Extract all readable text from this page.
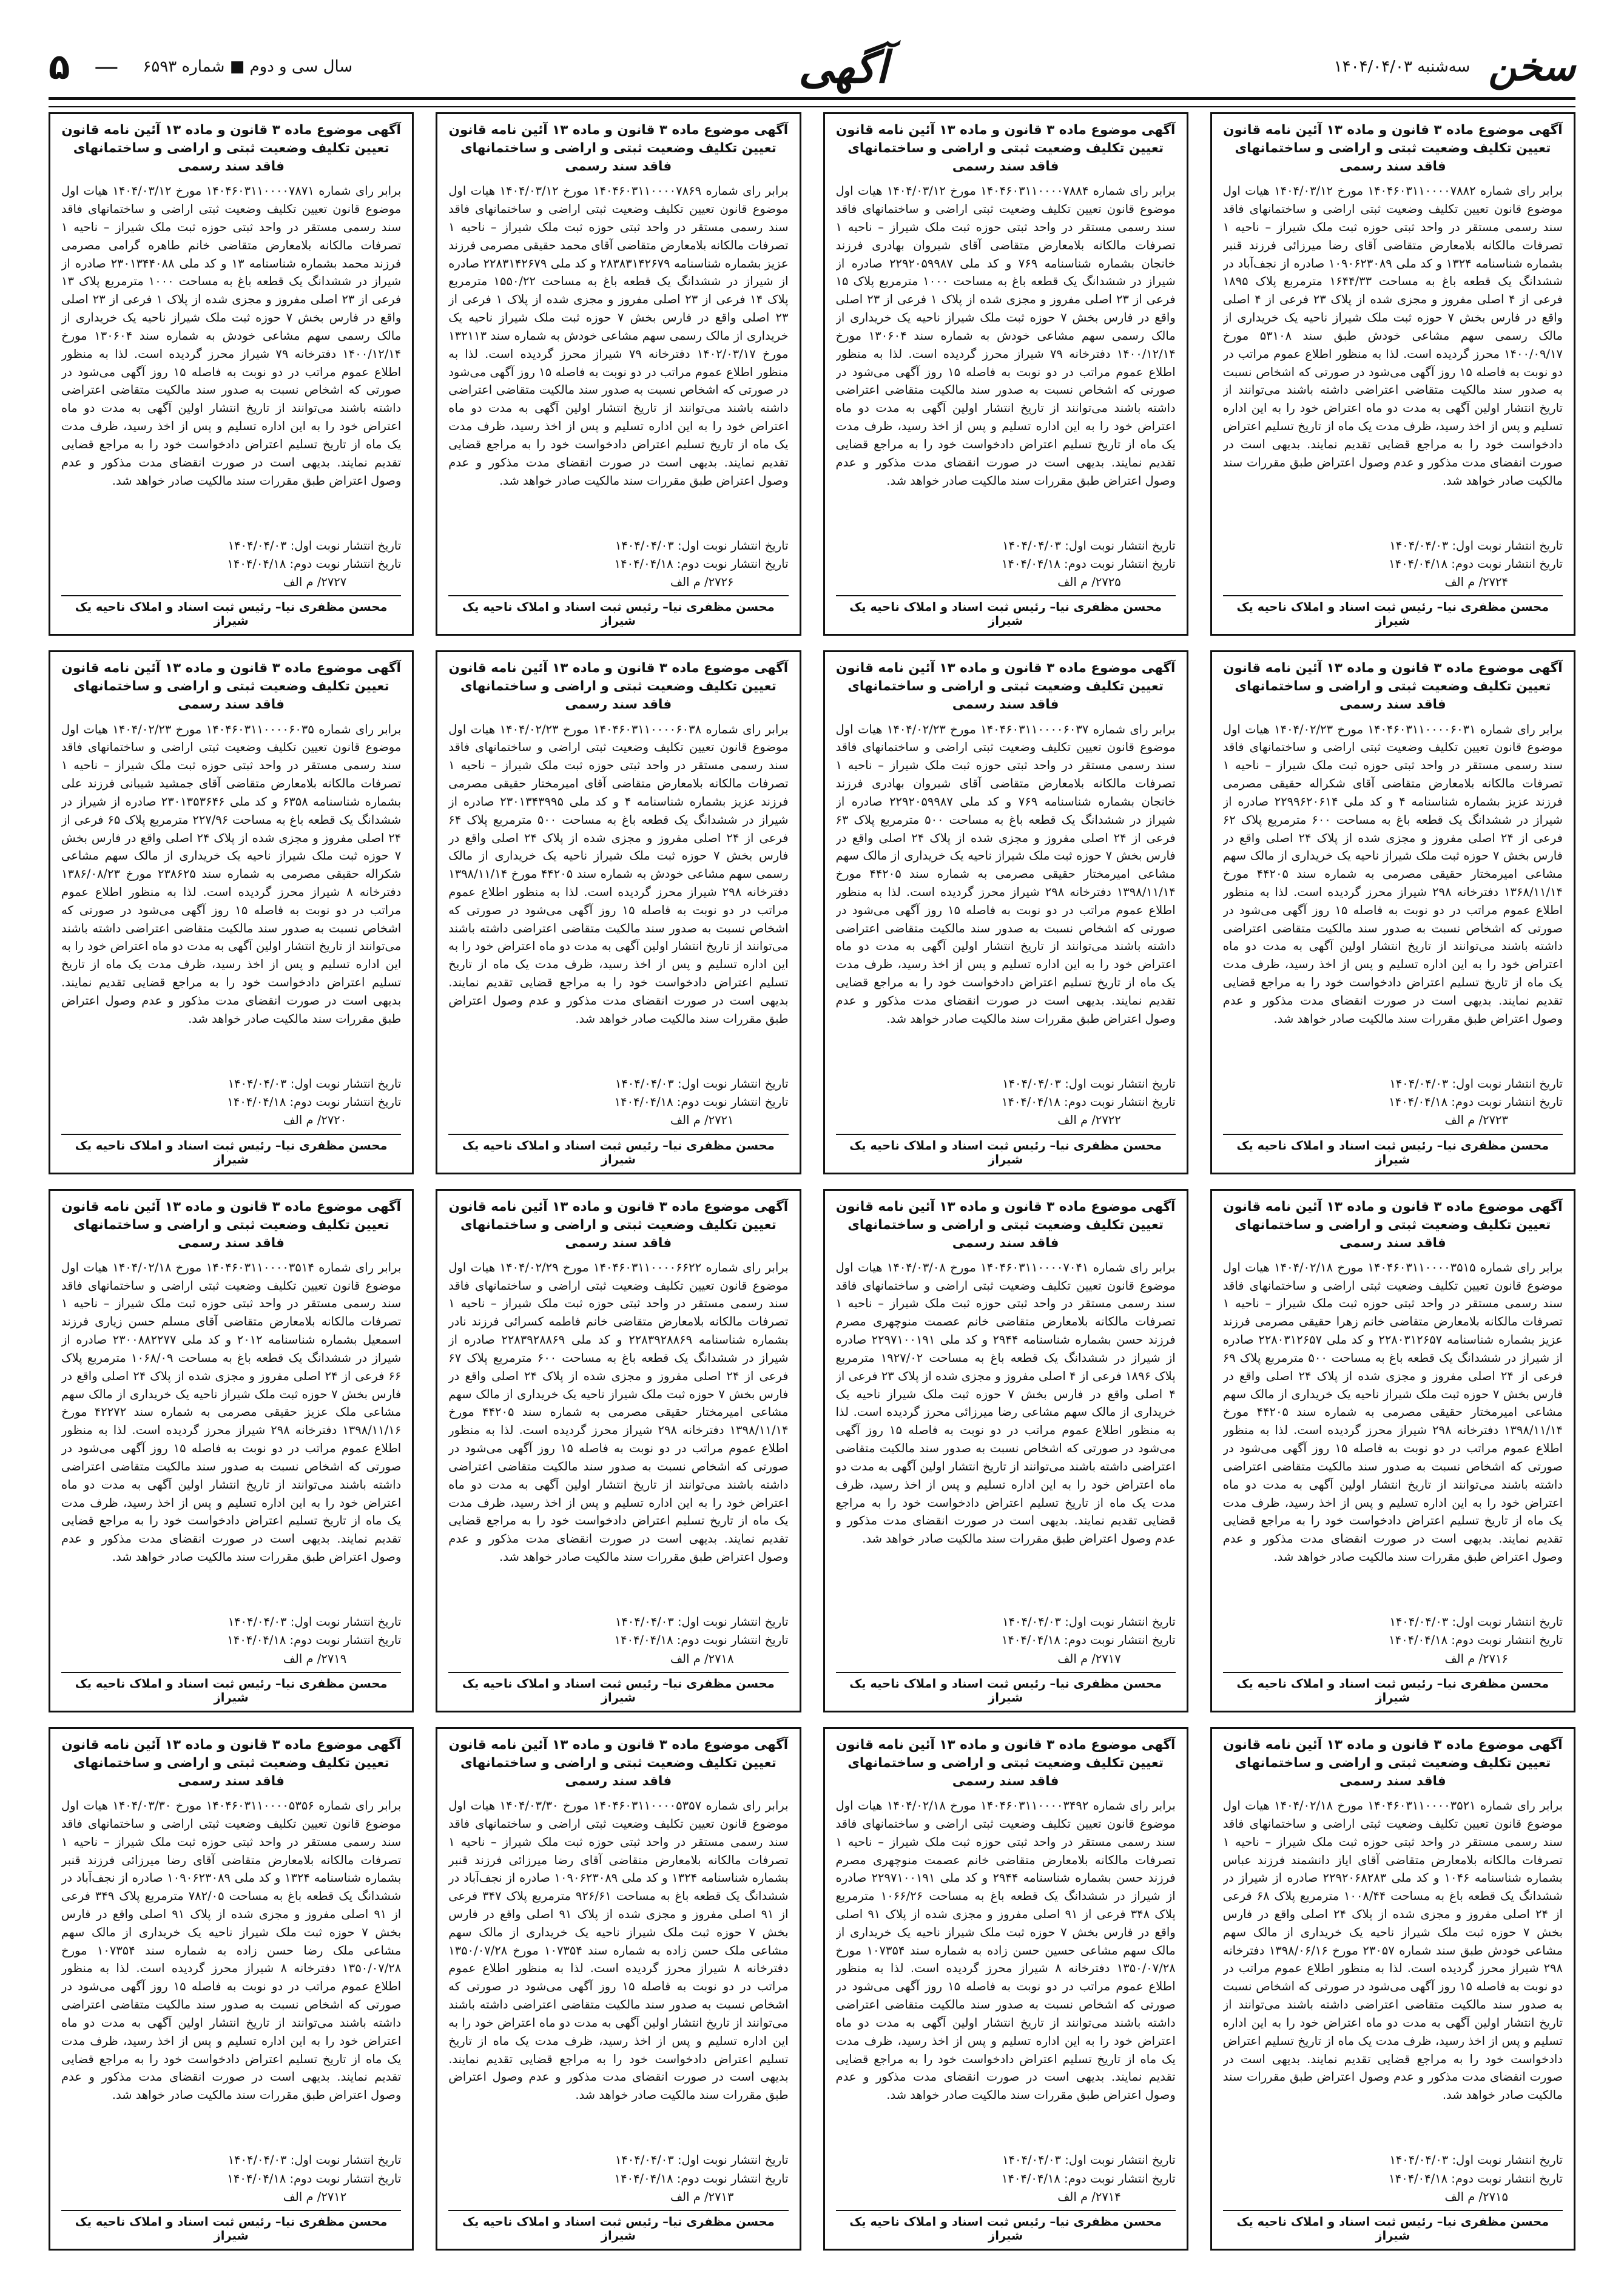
۵ — سال سی و دوم ■ شماره ۶۵۹۳	آگهی	سخن
سه‌شنبه ۱۴۰۴/۰۴/۰۳
آگهی موضوع ماده ۳ قانون و ماده ۱۳ آئین نامه قانون تعیین تکلیف وضعیت ثبتی و اراضی و ساختمانهای فاقد سند رسمی
برابر رای شماره ۱۴۰۴۶۰۳۱۱۰۰۰۰۷۸۸۲ مورخ ۱۴۰۴/۰۳/۱۲ هیات اول موضوع قانون تعیین تکلیف وضعیت ثبتی اراضی و ساختمانهای فاقد سند رسمی مستقر در واحد ثبتی حوزه ثبت ملک شیراز – ناحیه ۱ تصرفات مالکانه بلامعارض متقاضی آقای رضا میرزائی فرزند قنبر بشماره شناسنامه ۱۳۲۴ و کد ملی ۱۰۹۰۶۲۳۰۸۹ صادره از نجف‌آباد در ششدانگ یک قطعه باغ به مساحت ۱۶۴۴/۳۳ مترمربع پلاک ۱۸۹۵ فرعی از ۴ اصلی مفروز و مجزی شده از پلاک ۲۳ فرعی از ۴ اصلی واقع در فارس بخش ۷ حوزه ثبت ملک شیراز ناحیه یک خریداری از مالک رسمی سهم مشاعی خودش طبق سند ۵۳۱۰۸ مورخ ۱۴۰۰/۰۹/۱۷ محرز گردیده است. لذا به منظور اطلاع عموم مراتب در دو نوبت به فاصله ۱۵ روز آگهی می‌شود در صورتی که اشخاص نسبت به صدور سند مالکیت متقاضی اعتراضی داشته باشند می‌توانند از تاریخ انتشار اولین آگهی به مدت دو ماه اعتراض خود را به این اداره تسلیم و پس از اخذ رسید، ظرف مدت یک ماه از تاریخ تسلیم اعتراض دادخواست خود را به مراجع قضایی تقدیم نمایند. بدیهی است در صورت انقضای مدت مذکور و عدم وصول اعتراض طبق مقررات سند مالکیت صادر خواهد شد.
تاریخ انتشار نوبت اول: ۱۴۰۴/۰۴/۰۳
تاریخ انتشار نوبت دوم: ۱۴۰۴/۰۴/۱۸
۲۷۲۴/ م الف
محسن مظفری نیا– رئیس ثبت اسناد و املاک ناحیه یک شیراز
آگهی موضوع ماده ۳ قانون و ماده ۱۳ آئین نامه قانون تعیین تکلیف وضعیت ثبتی و اراضی و ساختمانهای فاقد سند رسمی
برابر رای شماره ۱۴۰۴۶۰۳۱۱۰۰۰۰۷۸۸۴ مورخ ۱۴۰۴/۰۳/۱۲ هیات اول موضوع قانون تعیین تکلیف وضعیت ثبتی اراضی و ساختمانهای فاقد سند رسمی مستقر در واحد ثبتی حوزه ثبت ملک شیراز – ناحیه ۱ تصرفات مالکانه بلامعارض متقاضی آقای شیروان بهادری فرزند خانجان بشماره شناسنامه ۷۶۹ و کد ملی ۲۲۹۲۰۵۹۹۸۷ صادره از شیراز در ششدانگ یک قطعه باغ به مساحت ۱۰۰۰ مترمربع پلاک ۱۵ فرعی از ۲۳ اصلی مفروز و مجزی شده از پلاک ۱ فرعی از ۲۳ اصلی واقع در فارس بخش ۷ حوزه ثبت ملک شیراز ناحیه یک خریداری از مالک رسمی سهم مشاعی خودش به شماره سند ۱۳۰۶۰۴ مورخ ۱۴۰۰/۱۲/۱۴ دفترخانه ۷۹ شیراز محرز گردیده است. لذا به منظور اطلاع عموم مراتب در دو نوبت به فاصله ۱۵ روز آگهی می‌شود در صورتی که اشخاص نسبت به صدور سند مالکیت متقاضی اعتراضی داشته باشند می‌توانند از تاریخ انتشار اولین آگهی به مدت دو ماه اعتراض خود را به این اداره تسلیم و پس از اخذ رسید، ظرف مدت یک ماه از تاریخ تسلیم اعتراض دادخواست خود را به مراجع قضایی تقدیم نمایند. بدیهی است در صورت انقضای مدت مذکور و عدم وصول اعتراض طبق مقررات سند مالکیت صادر خواهد شد.
تاریخ انتشار نوبت اول: ۱۴۰۴/۰۴/۰۳
تاریخ انتشار نوبت دوم: ۱۴۰۴/۰۴/۱۸
۲۷۲۵/ م الف
محسن مظفری نیا– رئیس ثبت اسناد و املاک ناحیه یک شیراز
آگهی موضوع ماده ۳ قانون و ماده ۱۳ آئین نامه قانون تعیین تکلیف وضعیت ثبتی و اراضی و ساختمانهای فاقد سند رسمی
برابر رای شماره ۱۴۰۴۶۰۳۱۱۰۰۰۰۷۸۶۹ مورخ ۱۴۰۴/۰۳/۱۲ هیات اول موضوع قانون تعیین تکلیف وضعیت ثبتی اراضی و ساختمانهای فاقد سند رسمی مستقر در واحد ثبتی حوزه ثبت ملک شیراز – ناحیه ۱ تصرفات مالکانه بلامعارض متقاضی آقای محمد حقیقی مصرمی فرزند عزیز بشماره شناسنامه ۲۸۳۸۳۱۴۲۶۷۹ و کد ملی ۲۲۸۳۱۴۲۶۷۹ صادره از شیراز در ششدانگ یک قطعه باغ به مساحت ۱۵۵۰/۲۲ مترمربع پلاک ۱۴ فرعی از ۲۳ اصلی مفروز و مجزی شده از پلاک ۱ فرعی از ۲۳ اصلی واقع در فارس بخش ۷ حوزه ثبت ملک شیراز ناحیه یک خریداری از مالک رسمی سهم مشاعی خودش به شماره سند ۱۳۲۱۱۳ مورخ ۱۴۰۲/۰۳/۱۷ دفترخانه ۷۹ شیراز محرز گردیده است. لذا به منظور اطلاع عموم مراتب در دو نوبت به فاصله ۱۵ روز آگهی می‌شود در صورتی که اشخاص نسبت به صدور سند مالکیت متقاضی اعتراضی داشته باشند می‌توانند از تاریخ انتشار اولین آگهی به مدت دو ماه اعتراض خود را به این اداره تسلیم و پس از اخذ رسید، ظرف مدت یک ماه از تاریخ تسلیم اعتراض دادخواست خود را به مراجع قضایی تقدیم نمایند. بدیهی است در صورت انقضای مدت مذکور و عدم وصول اعتراض طبق مقررات سند مالکیت صادر خواهد شد.
تاریخ انتشار نوبت اول: ۱۴۰۴/۰۴/۰۳
تاریخ انتشار نوبت دوم: ۱۴۰۴/۰۴/۱۸
۲۷۲۶/ م الف
محسن مظفری نیا– رئیس ثبت اسناد و املاک ناحیه یک شیراز
آگهی موضوع ماده ۳ قانون و ماده ۱۳ آئین نامه قانون تعیین تکلیف وضعیت ثبتی و اراضی و ساختمانهای فاقد سند رسمی
برابر رای شماره ۱۴۰۴۶۰۳۱۱۰۰۰۰۷۸۷۱ مورخ ۱۴۰۴/۰۳/۱۲ هیات اول موضوع قانون تعیین تکلیف وضعیت ثبتی اراضی و ساختمانهای فاقد سند رسمی مستقر در واحد ثبتی حوزه ثبت ملک شیراز – ناحیه ۱ تصرفات مالکانه بلامعارض متقاضی خانم طاهره گرامی مصرمی فرزند محمد بشماره شناسنامه ۱۳ و کد ملی ۲۳۰۱۳۴۴۰۸۸ صادره از شیراز در ششدانگ یک قطعه باغ به مساحت ۱۰۰۰ مترمربع پلاک ۱۳ فرعی از ۲۳ اصلی مفروز و مجزی شده از پلاک ۱ فرعی از ۲۳ اصلی واقع در فارس بخش ۷ حوزه ثبت ملک شیراز ناحیه یک خریداری از مالک رسمی سهم مشاعی خودش به شماره سند ۱۳۰۶۰۴ مورخ ۱۴۰۰/۱۲/۱۴ دفترخانه ۷۹ شیراز محرز گردیده است. لذا به منظور اطلاع عموم مراتب در دو نوبت به فاصله ۱۵ روز آگهی می‌شود در صورتی که اشخاص نسبت به صدور سند مالکیت متقاضی اعتراضی داشته باشند می‌توانند از تاریخ انتشار اولین آگهی به مدت دو ماه اعتراض خود را به این اداره تسلیم و پس از اخذ رسید، ظرف مدت یک ماه از تاریخ تسلیم اعتراض دادخواست خود را به مراجع قضایی تقدیم نمایند. بدیهی است در صورت انقضای مدت مذکور و عدم وصول اعتراض طبق مقررات سند مالکیت صادر خواهد شد.
تاریخ انتشار نوبت اول: ۱۴۰۴/۰۴/۰۳
تاریخ انتشار نوبت دوم: ۱۴۰۴/۰۴/۱۸
۲۷۲۷/ م الف
محسن مظفری نیا– رئیس ثبت اسناد و املاک ناحیه یک شیراز
آگهی موضوع ماده ۳ قانون و ماده ۱۳ آئین نامه قانون تعیین تکلیف وضعیت ثبتی و اراضی و ساختمانهای فاقد سند رسمی
برابر رای شماره ۱۴۰۴۶۰۳۱۱۰۰۰۰۶۰۳۱ مورخ ۱۴۰۴/۰۲/۲۳ هیات اول موضوع قانون تعیین تکلیف وضعیت ثبتی اراضی و ساختمانهای فاقد سند رسمی مستقر در واحد ثبتی حوزه ثبت ملک شیراز – ناحیه ۱ تصرفات مالکانه بلامعارض متقاضی آقای شکراله حقیقی مصرمی فرزند عزیز بشماره شناسنامه ۴ و کد ملی ۲۲۹۹۶۲۰۶۱۴ صادره از شیراز در ششدانگ یک قطعه باغ به مساحت ۶۰۰ مترمربع پلاک ۶۲ فرعی از ۲۴ اصلی مفروز و مجزی شده از پلاک ۲۴ اصلی واقع در فارس بخش ۷ حوزه ثبت ملک شیراز ناحیه یک خریداری از مالک سهم مشاعی امیرمختار حقیقی مصرمی به شماره سند ۴۴۲۰۵ مورخ ۱۳۶۸/۱۱/۱۴ دفترخانه ۲۹۸ شیراز محرز گردیده است. لذا به منظور اطلاع عموم مراتب در دو نوبت به فاصله ۱۵ روز آگهی می‌شود در صورتی که اشخاص نسبت به صدور سند مالکیت متقاضی اعتراضی داشته باشند می‌توانند از تاریخ انتشار اولین آگهی به مدت دو ماه اعتراض خود را به این اداره تسلیم و پس از اخذ رسید، ظرف مدت یک ماه از تاریخ تسلیم اعتراض دادخواست خود را به مراجع قضایی تقدیم نمایند. بدیهی است در صورت انقضای مدت مذکور و عدم وصول اعتراض طبق مقررات سند مالکیت صادر خواهد شد.
تاریخ انتشار نوبت اول: ۱۴۰۴/۰۴/۰۳
تاریخ انتشار نوبت دوم: ۱۴۰۴/۰۴/۱۸
۲۷۲۳/ م الف
محسن مظفری نیا– رئیس ثبت اسناد و املاک ناحیه یک شیراز
آگهی موضوع ماده ۳ قانون و ماده ۱۳ آئین نامه قانون تعیین تکلیف وضعیت ثبتی و اراضی و ساختمانهای فاقد سند رسمی
برابر رای شماره ۱۴۰۴۶۰۳۱۱۰۰۰۰۶۰۳۷ مورخ ۱۴۰۴/۰۲/۲۳ هیات اول موضوع قانون تعیین تکلیف وضعیت ثبتی اراضی و ساختمانهای فاقد سند رسمی مستقر در واحد ثبتی حوزه ثبت ملک شیراز – ناحیه ۱ تصرفات مالکانه بلامعارض متقاضی آقای شیروان بهادری فرزند خانجان بشماره شناسنامه ۷۶۹ و کد ملی ۲۲۹۲۰۵۹۹۸۷ صادره از شیراز در ششدانگ یک قطعه باغ به مساحت ۵۰۰ مترمربع پلاک ۶۳ فرعی از ۲۴ اصلی مفروز و مجزی شده از پلاک ۲۴ اصلی واقع در فارس بخش ۷ حوزه ثبت ملک شیراز ناحیه یک خریداری از مالک سهم مشاعی امیرمختار حقیقی مصرمی به شماره سند ۴۴۲۰۵ مورخ ۱۳۹۸/۱۱/۱۴ دفترخانه ۲۹۸ شیراز محرز گردیده است. لذا به منظور اطلاع عموم مراتب در دو نوبت به فاصله ۱۵ روز آگهی می‌شود در صورتی که اشخاص نسبت به صدور سند مالکیت متقاضی اعتراضی داشته باشند می‌توانند از تاریخ انتشار اولین آگهی به مدت دو ماه اعتراض خود را به این اداره تسلیم و پس از اخذ رسید، ظرف مدت یک ماه از تاریخ تسلیم اعتراض دادخواست خود را به مراجع قضایی تقدیم نمایند. بدیهی است در صورت انقضای مدت مذکور و عدم وصول اعتراض طبق مقررات سند مالکیت صادر خواهد شد.
تاریخ انتشار نوبت اول: ۱۴۰۴/۰۴/۰۳
تاریخ انتشار نوبت دوم: ۱۴۰۴/۰۴/۱۸
۲۷۲۲/ م الف
محسن مظفری نیا– رئیس ثبت اسناد و املاک ناحیه یک شیراز
آگهی موضوع ماده ۳ قانون و ماده ۱۳ آئین نامه قانون تعیین تکلیف وضعیت ثبتی و اراضی و ساختمانهای فاقد سند رسمی
برابر رای شماره ۱۴۰۴۶۰۳۱۱۰۰۰۰۶۰۳۸ مورخ ۱۴۰۴/۰۲/۲۳ هیات اول موضوع قانون تعیین تکلیف وضعیت ثبتی اراضی و ساختمانهای فاقد سند رسمی مستقر در واحد ثبتی حوزه ثبت ملک شیراز – ناحیه ۱ تصرفات مالکانه بلامعارض متقاضی آقای امیرمختار حقیقی مصرمی فرزند عزیز بشماره شناسنامه ۴ و کد ملی ۲۳۰۱۳۴۳۹۹۵ صادره از شیراز در ششدانگ یک قطعه باغ به مساحت ۵۰۰ مترمربع پلاک ۶۴ فرعی از ۲۴ اصلی مفروز و مجزی شده از پلاک ۲۴ اصلی واقع در فارس بخش ۷ حوزه ثبت ملک شیراز ناحیه یک خریداری از مالک رسمی سهم مشاعی خودش به شماره سند ۴۴۲۰۵ مورخ ۱۳۹۸/۱۱/۱۴ دفترخانه ۲۹۸ شیراز محرز گردیده است. لذا به منظور اطلاع عموم مراتب در دو نوبت به فاصله ۱۵ روز آگهی می‌شود در صورتی که اشخاص نسبت به صدور سند مالکیت متقاضی اعتراضی داشته باشند می‌توانند از تاریخ انتشار اولین آگهی به مدت دو ماه اعتراض خود را به این اداره تسلیم و پس از اخذ رسید، ظرف مدت یک ماه از تاریخ تسلیم اعتراض دادخواست خود را به مراجع قضایی تقدیم نمایند. بدیهی است در صورت انقضای مدت مذکور و عدم وصول اعتراض طبق مقررات سند مالکیت صادر خواهد شد.
تاریخ انتشار نوبت اول: ۱۴۰۴/۰۴/۰۳
تاریخ انتشار نوبت دوم: ۱۴۰۴/۰۴/۱۸
۲۷۲۱/ م الف
محسن مظفری نیا– رئیس ثبت اسناد و املاک ناحیه یک شیراز
آگهی موضوع ماده ۳ قانون و ماده ۱۳ آئین نامه قانون تعیین تکلیف وضعیت ثبتی و اراضی و ساختمانهای فاقد سند رسمی
برابر رای شماره ۱۴۰۴۶۰۳۱۱۰۰۰۰۶۰۳۵ مورخ ۱۴۰۴/۰۲/۲۳ هیات اول موضوع قانون تعیین تکلیف وضعیت ثبتی اراضی و ساختمانهای فاقد سند رسمی مستقر در واحد ثبتی حوزه ثبت ملک شیراز – ناحیه ۱ تصرفات مالکانه بلامعارض متقاضی آقای جمشید شیبانی فرزند علی بشماره شناسنامه ۶۳۵۸ و کد ملی ۲۳۰۱۳۵۳۶۴۶ صادره از شیراز در ششدانگ یک قطعه باغ به مساحت ۲۲۷/۹۶ مترمربع پلاک ۶۵ فرعی از ۲۴ اصلی مفروز و مجزی شده از پلاک ۲۴ اصلی واقع در فارس بخش ۷ حوزه ثبت ملک شیراز ناحیه یک خریداری از مالک سهم مشاعی شکراله حقیقی مصرمی به شماره سند ۲۳۸۶۲۵ مورخ ۱۳۸۶/۰۸/۲۳ دفترخانه ۸ شیراز محرز گردیده است. لذا به منظور اطلاع عموم مراتب در دو نوبت به فاصله ۱۵ روز آگهی می‌شود در صورتی که اشخاص نسبت به صدور سند مالکیت متقاضی اعتراضی داشته باشند می‌توانند از تاریخ انتشار اولین آگهی به مدت دو ماه اعتراض خود را به این اداره تسلیم و پس از اخذ رسید، ظرف مدت یک ماه از تاریخ تسلیم اعتراض دادخواست خود را به مراجع قضایی تقدیم نمایند. بدیهی است در صورت انقضای مدت مذکور و عدم وصول اعتراض طبق مقررات سند مالکیت صادر خواهد شد.
تاریخ انتشار نوبت اول: ۱۴۰۴/۰۴/۰۳
تاریخ انتشار نوبت دوم: ۱۴۰۴/۰۴/۱۸
۲۷۲۰/ م الف
محسن مظفری نیا– رئیس ثبت اسناد و املاک ناحیه یک شیراز
آگهی موضوع ماده ۳ قانون و ماده ۱۳ آئین نامه قانون تعیین تکلیف وضعیت ثبتی و اراضی و ساختمانهای فاقد سند رسمی
برابر رای شماره ۱۴۰۴۶۰۳۱۱۰۰۰۰۳۵۱۵ مورخ ۱۴۰۴/۰۲/۱۸ هیات اول موضوع قانون تعیین تکلیف وضعیت ثبتی اراضی و ساختمانهای فاقد سند رسمی مستقر در واحد ثبتی حوزه ثبت ملک شیراز – ناحیه ۱ تصرفات مالکانه بلامعارض متقاضی خانم زهرا حقیقی مصرمی فرزند عزیز بشماره شناسنامه ۲۲۸۰۳۱۲۶۵۷ و کد ملی ۲۲۸۰۳۱۲۶۵۷ صادره از شیراز در ششدانگ یک قطعه باغ به مساحت ۵۰۰ مترمربع پلاک ۶۹ فرعی از ۲۴ اصلی مفروز و مجزی شده از پلاک ۲۴ اصلی واقع در فارس بخش ۷ حوزه ثبت ملک شیراز ناحیه یک خریداری از مالک سهم مشاعی امیرمختار حقیقی مصرمی به شماره سند ۴۴۲۰۵ مورخ ۱۳۹۸/۱۱/۱۴ دفترخانه ۲۹۸ شیراز محرز گردیده است. لذا به منظور اطلاع عموم مراتب در دو نوبت به فاصله ۱۵ روز آگهی می‌شود در صورتی که اشخاص نسبت به صدور سند مالکیت متقاضی اعتراضی داشته باشند می‌توانند از تاریخ انتشار اولین آگهی به مدت دو ماه اعتراض خود را به این اداره تسلیم و پس از اخذ رسید، ظرف مدت یک ماه از تاریخ تسلیم اعتراض دادخواست خود را به مراجع قضایی تقدیم نمایند. بدیهی است در صورت انقضای مدت مذکور و عدم وصول اعتراض طبق مقررات سند مالکیت صادر خواهد شد.
تاریخ انتشار نوبت اول: ۱۴۰۴/۰۴/۰۳
تاریخ انتشار نوبت دوم: ۱۴۰۴/۰۴/۱۸
۲۷۱۶/ م الف
محسن مظفری نیا– رئیس ثبت اسناد و املاک ناحیه یک شیراز
آگهی موضوع ماده ۳ قانون و ماده ۱۳ آئین نامه قانون تعیین تکلیف وضعیت ثبتی و اراضی و ساختمانهای فاقد سند رسمی
برابر رای شماره ۱۴۰۴۶۰۳۱۱۰۰۰۰۷۰۴۱ مورخ ۱۴۰۴/۰۳/۰۸ هیات اول موضوع قانون تعیین تکلیف وضعیت ثبتی اراضی و ساختمانهای فاقد سند رسمی مستقر در واحد ثبتی حوزه ثبت ملک شیراز – ناحیه ۱ تصرفات مالکانه بلامعارض متقاضی خانم عصمت منوچهری مصرم فرزند حسن بشماره شناسنامه ۲۹۴۴ و کد ملی ۲۲۹۷۱۰۰۱۹۱ صادره از شیراز در ششدانگ یک قطعه باغ به مساحت ۱۹۲۷/۰۲ مترمربع پلاک ۱۸۹۶ فرعی از ۴ اصلی مفروز و مجزی شده از پلاک ۲۳ فرعی از ۴ اصلی واقع در فارس بخش ۷ حوزه ثبت ملک شیراز ناحیه یک خریداری از مالک سهم مشاعی رضا میرزائی محرز گردیده است. لذا به منظور اطلاع عموم مراتب در دو نوبت به فاصله ۱۵ روز آگهی می‌شود در صورتی که اشخاص نسبت به صدور سند مالکیت متقاضی اعتراضی داشته باشند می‌توانند از تاریخ انتشار اولین آگهی به مدت دو ماه اعتراض خود را به این اداره تسلیم و پس از اخذ رسید، ظرف مدت یک ماه از تاریخ تسلیم اعتراض دادخواست خود را به مراجع قضایی تقدیم نمایند. بدیهی است در صورت انقضای مدت مذکور و عدم وصول اعتراض طبق مقررات سند مالکیت صادر خواهد شد.
تاریخ انتشار نوبت اول: ۱۴۰۴/۰۴/۰۳
تاریخ انتشار نوبت دوم: ۱۴۰۴/۰۴/۱۸
۲۷۱۷/ م الف
محسن مظفری نیا– رئیس ثبت اسناد و املاک ناحیه یک شیراز
آگهی موضوع ماده ۳ قانون و ماده ۱۳ آئین نامه قانون تعیین تکلیف وضعیت ثبتی و اراضی و ساختمانهای فاقد سند رسمی
برابر رای شماره ۱۴۰۴۶۰۳۱۱۰۰۰۰۶۶۲۲ مورخ ۱۴۰۴/۰۲/۲۹ هیات اول موضوع قانون تعیین تکلیف وضعیت ثبتی اراضی و ساختمانهای فاقد سند رسمی مستقر در واحد ثبتی حوزه ثبت ملک شیراز – ناحیه ۱ تصرفات مالکانه بلامعارض متقاضی خانم فاطمه کسرائی فرزند نادر بشماره شناسنامه ۲۲۸۳۹۲۸۸۶۹ و کد ملی ۲۲۸۳۹۲۸۸۶۹ صادره از شیراز در ششدانگ یک قطعه باغ به مساحت ۶۰۰ مترمربع پلاک ۶۷ فرعی از ۲۴ اصلی مفروز و مجزی شده از پلاک ۲۴ اصلی واقع در فارس بخش ۷ حوزه ثبت ملک شیراز ناحیه یک خریداری از مالک سهم مشاعی امیرمختار حقیقی مصرمی به شماره سند ۴۴۲۰۵ مورخ ۱۳۹۸/۱۱/۱۴ دفترخانه ۲۹۸ شیراز محرز گردیده است. لذا به منظور اطلاع عموم مراتب در دو نوبت به فاصله ۱۵ روز آگهی می‌شود در صورتی که اشخاص نسبت به صدور سند مالکیت متقاضی اعتراضی داشته باشند می‌توانند از تاریخ انتشار اولین آگهی به مدت دو ماه اعتراض خود را به این اداره تسلیم و پس از اخذ رسید، ظرف مدت یک ماه از تاریخ تسلیم اعتراض دادخواست خود را به مراجع قضایی تقدیم نمایند. بدیهی است در صورت انقضای مدت مذکور و عدم وصول اعتراض طبق مقررات سند مالکیت صادر خواهد شد.
تاریخ انتشار نوبت اول: ۱۴۰۴/۰۴/۰۳
تاریخ انتشار نوبت دوم: ۱۴۰۴/۰۴/۱۸
۲۷۱۸/ م الف
محسن مظفری نیا– رئیس ثبت اسناد و املاک ناحیه یک شیراز
آگهی موضوع ماده ۳ قانون و ماده ۱۳ آئین نامه قانون تعیین تکلیف وضعیت ثبتی و اراضی و ساختمانهای فاقد سند رسمی
برابر رای شماره ۱۴۰۴۶۰۳۱۱۰۰۰۰۳۵۱۴ مورخ ۱۴۰۴/۰۲/۱۸ هیات اول موضوع قانون تعیین تکلیف وضعیت ثبتی اراضی و ساختمانهای فاقد سند رسمی مستقر در واحد ثبتی حوزه ثبت ملک شیراز – ناحیه ۱ تصرفات مالکانه بلامعارض متقاضی آقای مسلم حسن زیاری فرزند اسمعیل بشماره شناسنامه ۲۰۱۲ و کد ملی ۲۳۰۰۸۸۲۲۷۷ صادره از شیراز در ششدانگ یک قطعه باغ به مساحت ۱۰۶۸/۰۹ مترمربع پلاک ۶۶ فرعی از ۲۴ اصلی مفروز و مجزی شده از پلاک ۲۴ اصلی واقع در فارس بخش ۷ حوزه ثبت ملک شیراز ناحیه یک خریداری از مالک سهم مشاعی ملک عزیز حقیقی مصرمی به شماره سند ۴۲۲۷۲ مورخ ۱۳۹۸/۱۱/۱۶ دفترخانه ۲۹۸ شیراز محرز گردیده است. لذا به منظور اطلاع عموم مراتب در دو نوبت به فاصله ۱۵ روز آگهی می‌شود در صورتی که اشخاص نسبت به صدور سند مالکیت متقاضی اعتراضی داشته باشند می‌توانند از تاریخ انتشار اولین آگهی به مدت دو ماه اعتراض خود را به این اداره تسلیم و پس از اخذ رسید، ظرف مدت یک ماه از تاریخ تسلیم اعتراض دادخواست خود را به مراجع قضایی تقدیم نمایند. بدیهی است در صورت انقضای مدت مذکور و عدم وصول اعتراض طبق مقررات سند مالکیت صادر خواهد شد.
تاریخ انتشار نوبت اول: ۱۴۰۴/۰۴/۰۳
تاریخ انتشار نوبت دوم: ۱۴۰۴/۰۴/۱۸
۲۷۱۹/ م الف
محسن مظفری نیا– رئیس ثبت اسناد و املاک ناحیه یک شیراز
آگهی موضوع ماده ۳ قانون و ماده ۱۳ آئین نامه قانون تعیین تکلیف وضعیت ثبتی و اراضی و ساختمانهای فاقد سند رسمی
برابر رای شماره ۱۴۰۴۶۰۳۱۱۰۰۰۰۳۵۲۱ مورخ ۱۴۰۴/۰۲/۱۸ هیات اول موضوع قانون تعیین تکلیف وضعیت ثبتی اراضی و ساختمانهای فاقد سند رسمی مستقر در واحد ثبتی حوزه ثبت ملک شیراز – ناحیه ۱ تصرفات مالکانه بلامعارض متقاضی آقای ایاز دانشمند فرزند عباس بشماره شناسنامه ۱۰۴۶ و کد ملی ۲۲۹۲۰۶۸۲۸۳ صادره از شیراز در ششدانگ یک قطعه باغ به مساحت ۱۰۰۸/۴۴ مترمربع پلاک ۶۸ فرعی از ۲۴ اصلی مفروز و مجزی شده از پلاک ۲۴ اصلی واقع در فارس بخش ۷ حوزه ثبت ملک شیراز ناحیه یک خریداری از مالک سهم مشاعی خودش طبق سند شماره ۲۳۰۵۷ مورخ ۱۳۹۸/۰۶/۱۶ دفترخانه ۲۹۸ شیراز محرز گردیده است. لذا به منظور اطلاع عموم مراتب در دو نوبت به فاصله ۱۵ روز آگهی می‌شود در صورتی که اشخاص نسبت به صدور سند مالکیت متقاضی اعتراضی داشته باشند می‌توانند از تاریخ انتشار اولین آگهی به مدت دو ماه اعتراض خود را به این اداره تسلیم و پس از اخذ رسید، ظرف مدت یک ماه از تاریخ تسلیم اعتراض دادخواست خود را به مراجع قضایی تقدیم نمایند. بدیهی است در صورت انقضای مدت مذکور و عدم وصول اعتراض طبق مقررات سند مالکیت صادر خواهد شد.
تاریخ انتشار نوبت اول: ۱۴۰۴/۰۴/۰۳
تاریخ انتشار نوبت دوم: ۱۴۰۴/۰۴/۱۸
۲۷۱۵/ م الف
محسن مظفری نیا– رئیس ثبت اسناد و املاک ناحیه یک شیراز
آگهی موضوع ماده ۳ قانون و ماده ۱۳ آئین نامه قانون تعیین تکلیف وضعیت ثبتی و اراضی و ساختمانهای فاقد سند رسمی
برابر رای شماره ۱۴۰۴۶۰۳۱۱۰۰۰۰۳۴۹۲ مورخ ۱۴۰۴/۰۲/۱۸ هیات اول موضوع قانون تعیین تکلیف وضعیت ثبتی اراضی و ساختمانهای فاقد سند رسمی مستقر در واحد ثبتی حوزه ثبت ملک شیراز – ناحیه ۱ تصرفات مالکانه بلامعارض متقاضی خانم عصمت منوچهری مصرم فرزند حسن بشماره شناسنامه ۲۹۴۴ و کد ملی ۲۲۹۷۱۰۰۱۹۱ صادره از شیراز در ششدانگ یک قطعه باغ به مساحت ۱۰۶۶/۲۶ مترمربع پلاک ۳۴۸ فرعی از ۹۱ اصلی مفروز و مجزی شده از پلاک ۹۱ اصلی واقع در فارس بخش ۷ حوزه ثبت ملک شیراز ناحیه یک خریداری از مالک سهم مشاعی حسین حسن زاده به شماره سند ۱۰۷۳۵۴ مورخ ۱۳۵۰/۰۷/۲۸ دفترخانه ۸ شیراز محرز گردیده است. لذا به منظور اطلاع عموم مراتب در دو نوبت به فاصله ۱۵ روز آگهی می‌شود در صورتی که اشخاص نسبت به صدور سند مالکیت متقاضی اعتراضی داشته باشند می‌توانند از تاریخ انتشار اولین آگهی به مدت دو ماه اعتراض خود را به این اداره تسلیم و پس از اخذ رسید، ظرف مدت یک ماه از تاریخ تسلیم اعتراض دادخواست خود را به مراجع قضایی تقدیم نمایند. بدیهی است در صورت انقضای مدت مذکور و عدم وصول اعتراض طبق مقررات سند مالکیت صادر خواهد شد.
تاریخ انتشار نوبت اول: ۱۴۰۴/۰۴/۰۳
تاریخ انتشار نوبت دوم: ۱۴۰۴/۰۴/۱۸
۲۷۱۴/ م الف
محسن مظفری نیا– رئیس ثبت اسناد و املاک ناحیه یک شیراز
آگهی موضوع ماده ۳ قانون و ماده ۱۳ آئین نامه قانون تعیین تکلیف وضعیت ثبتی و اراضی و ساختمانهای فاقد سند رسمی
برابر رای شماره ۱۴۰۴۶۰۳۱۱۰۰۰۰۵۳۵۷ مورخ ۱۴۰۴/۰۳/۳۰ هیات اول موضوع قانون تعیین تکلیف وضعیت ثبتی اراضی و ساختمانهای فاقد سند رسمی مستقر در واحد ثبتی حوزه ثبت ملک شیراز – ناحیه ۱ تصرفات مالکانه بلامعارض متقاضی آقای رضا میرزائی فرزند قنبر بشماره شناسنامه ۱۳۲۴ و کد ملی ۱۰۹۰۶۲۳۰۸۹ صادره از نجف‌آباد در ششدانگ یک قطعه باغ به مساحت ۹۲۶/۶۱ مترمربع پلاک ۳۴۷ فرعی از ۹۱ اصلی مفروز و مجزی شده از پلاک ۹۱ اصلی واقع در فارس بخش ۷ حوزه ثبت ملک شیراز ناحیه یک خریداری از مالک سهم مشاعی ملک حسن زاده به شماره سند ۱۰۷۳۵۴ مورخ ۱۳۵۰/۰۷/۲۸ دفترخانه ۸ شیراز محرز گردیده است. لذا به منظور اطلاع عموم مراتب در دو نوبت به فاصله ۱۵ روز آگهی می‌شود در صورتی که اشخاص نسبت به صدور سند مالکیت متقاضی اعتراضی داشته باشند می‌توانند از تاریخ انتشار اولین آگهی به مدت دو ماه اعتراض خود را به این اداره تسلیم و پس از اخذ رسید، ظرف مدت یک ماه از تاریخ تسلیم اعتراض دادخواست خود را به مراجع قضایی تقدیم نمایند. بدیهی است در صورت انقضای مدت مذکور و عدم وصول اعتراض طبق مقررات سند مالکیت صادر خواهد شد.
تاریخ انتشار نوبت اول: ۱۴۰۴/۰۴/۰۳
تاریخ انتشار نوبت دوم: ۱۴۰۴/۰۴/۱۸
۲۷۱۳/ م الف
محسن مظفری نیا– رئیس ثبت اسناد و املاک ناحیه یک شیراز
آگهی موضوع ماده ۳ قانون و ماده ۱۳ آئین نامه قانون تعیین تکلیف وضعیت ثبتی و اراضی و ساختمانهای فاقد سند رسمی
برابر رای شماره ۱۴۰۴۶۰۳۱۱۰۰۰۰۵۳۵۶ مورخ ۱۴۰۴/۰۳/۳۰ هیات اول موضوع قانون تعیین تکلیف وضعیت ثبتی اراضی و ساختمانهای فاقد سند رسمی مستقر در واحد ثبتی حوزه ثبت ملک شیراز – ناحیه ۱ تصرفات مالکانه بلامعارض متقاضی آقای رضا میرزائی فرزند قنبر بشماره شناسنامه ۱۳۲۴ و کد ملی ۱۰۹۰۶۲۳۰۸۹ صادره از نجف‌آباد در ششدانگ یک قطعه باغ به مساحت ۷۸۲/۰۵ مترمربع پلاک ۳۴۹ فرعی از ۹۱ اصلی مفروز و مجزی شده از پلاک ۹۱ اصلی واقع در فارس بخش ۷ حوزه ثبت ملک شیراز ناحیه یک خریداری از مالک سهم مشاعی ملک رضا حسن زاده به شماره سند ۱۰۷۳۵۴ مورخ ۱۳۵۰/۰۷/۲۸ دفترخانه ۸ شیراز محرز گردیده است. لذا به منظور اطلاع عموم مراتب در دو نوبت به فاصله ۱۵ روز آگهی می‌شود در صورتی که اشخاص نسبت به صدور سند مالکیت متقاضی اعتراضی داشته باشند می‌توانند از تاریخ انتشار اولین آگهی به مدت دو ماه اعتراض خود را به این اداره تسلیم و پس از اخذ رسید، ظرف مدت یک ماه از تاریخ تسلیم اعتراض دادخواست خود را به مراجع قضایی تقدیم نمایند. بدیهی است در صورت انقضای مدت مذکور و عدم وصول اعتراض طبق مقررات سند مالکیت صادر خواهد شد.
تاریخ انتشار نوبت اول: ۱۴۰۴/۰۴/۰۳
تاریخ انتشار نوبت دوم: ۱۴۰۴/۰۴/۱۸
۲۷۱۲/ م الف
محسن مظفری نیا– رئیس ثبت اسناد و املاک ناحیه یک شیراز
